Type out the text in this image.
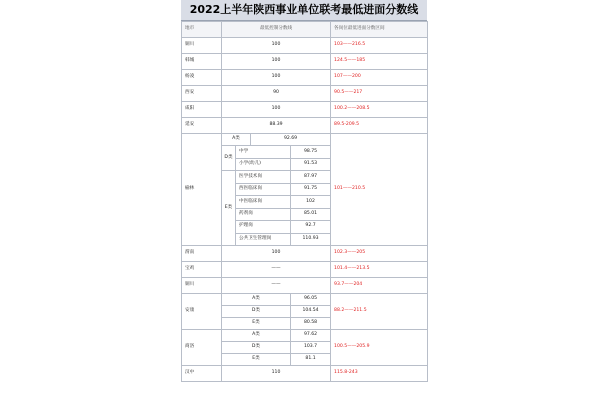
2022上半年陕西事业单位联考最低进面分数线
地市	最低控制分数线				各岗位最低进面分数区间
铜川	100				103——216.5
韩城	100				124.5——185
杨凌	100				107——200
西安	90				90.5——217
咸阳	100				100.2——208.5
延安	88.39				89.5-209.5
榆林	A类		92.69		101——210.5
	D类	中学		98.75	
		小学(幼儿)		91.53	
	E类	医学技术岗		87.97	
		西医临床岗		91.75	
		中医临床岗		102	
		药剂岗		85.01	
		护理岗		92.7	
		公共卫生管理岗		110.93	
渭南	100				102.3——205
宝鸡	——				101.4——213.5
铜川	——				93.7——204
安康	A类			96.05	88.2——211.5
	D类			104.54	
	E类			80.58	
商洛	A类			97.62	100.5——205.9
	D类			103.7	
	E类			81.1	
汉中	110				115.8-243
